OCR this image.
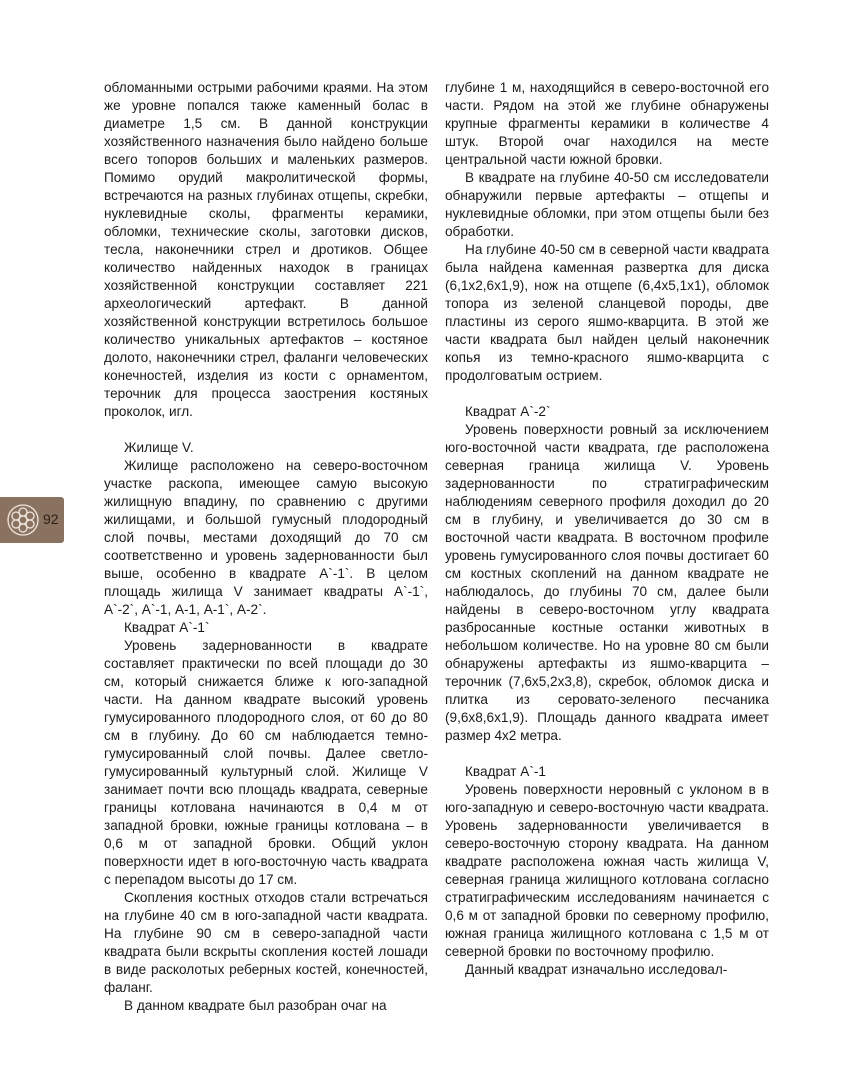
обломанными острыми рабочими краями. На этом же уровне попался также каменный болас в диаметре 1,5 см. В данной конструкции хозяйственного назначения было найдено больше всего топоров больших и маленьких размеров. Помимо орудий макролитической формы, встречаются на разных глубинах отщепы, скребки, нуклевидные сколы, фрагменты керамики, обломки, технические сколы, заготовки дисков, тесла, наконечники стрел и дротиков. Общее количество найденных находок в границах хозяйственной конструкции составляет 221 археологический артефакт. В данной хозяйственной конструкции встретилось большое количество уникальных артефактов – костяное долото, наконечники стрел, фаланги человеческих конечностей, изделия из кости с орнаментом, терочник для процесса заострения костяных проколок, игл.

Жилище V.

Жилище расположено на северо-восточном участке раскопа, имеющее самую высокую жилищную впадину, по сравнению с другими жилищами, и большой гумусный плодородный слой почвы, местами доходящий до 70 см соответственно и уровень задернованности был выше, особенно в квадрате А`-1`. В целом площадь жилища V занимает квадраты А`-1`, А`-2`, А`-1, А-1, А-1`, А-2`.

Квадрат А`-1`

Уровень задернованности в квадрате составляет практически по всей площади до 30 см, который снижается ближе к юго-западной части. На данном квадрате высокий уровень гумусированного плодородного слоя, от 60 до 80 см в глубину. До 60 см наблюдается темно-гумусированный слой почвы. Далее светло-гумусированный культурный слой. Жилище V занимает почти всю площадь квадрата, северные границы котлована начинаются в 0,4 м от западной бровки, южные границы котлована – в 0,6 м от западной бровки. Общий уклон поверхности идет в юго-восточную часть квадрата с перепадом высоты до 17 см.

Скопления костных отходов стали встречаться на глубине 40 см в юго-западной части квадрата. На глубине 90 см в северо-западной части квадрата были вскрыты скопления костей лошади в виде расколотых реберных костей, конечностей, фаланг.

В данном квадрате был разобран очаг на

глубине 1 м, находящийся в северо-восточной его части. Рядом на этой же глубине обнаружены крупные фрагменты керамики в количестве 4 штук. Второй очаг находился на месте центральной части южной бровки.

В квадрате на глубине 40-50 см исследователи обнаружили первые артефакты – отщепы и нуклевидные обломки, при этом отщепы были без обработки.

На глубине 40-50 см в северной части квадрата была найдена каменная развертка для диска (6,1х2,6х1,9), нож на отщепе (6,4х5,1х1), обломок топора из зеленой сланцевой породы, две пластины из серого яшмо-кварцита. В этой же части квадрата был найден целый наконечник копья из темно-красного яшмо-кварцита с продолговатым острием.

Квадрат А`-2`

Уровень поверхности ровный за исключением юго-восточной части квадрата, где расположена северная граница жилища V. Уровень задернованности по стратиграфическим наблюдениям северного профиля доходил до 20 см в глубину, и увеличивается до 30 см в восточной части квадрата. В восточном профиле уровень гумусированного слоя почвы достигает 60 см костных скоплений на данном квадрате не наблюдалось, до глубины 70 см, далее были найдены в северо-восточном углу квадрата разбросанные костные останки животных в небольшом количестве. Но на уровне 80 см были обнаружены артефакты из яшмо-кварцита – терочник (7,6х5,2х3,8), скребок, обломок диска и плитка из серовато-зеленого песчаника (9,6х8,6х1,9). Площадь данного квадрата имеет размер 4х2 метра.

Квадрат А`-1

Уровень поверхности неровный с уклоном в в юго-западную и северо-восточную части квадрата. Уровень задернованности увеличивается в северо-восточную сторону квадрата. На данном квадрате расположена южная часть жилища V, северная граница жилищного котлована согласно стратиграфическим исследованиям начинается с 0,6 м от западной бровки по северному профилю, южная граница жилищного котлована с 1,5 м от северной бровки по восточному профилю.

Данный квадрат изначально исследовал-

92
